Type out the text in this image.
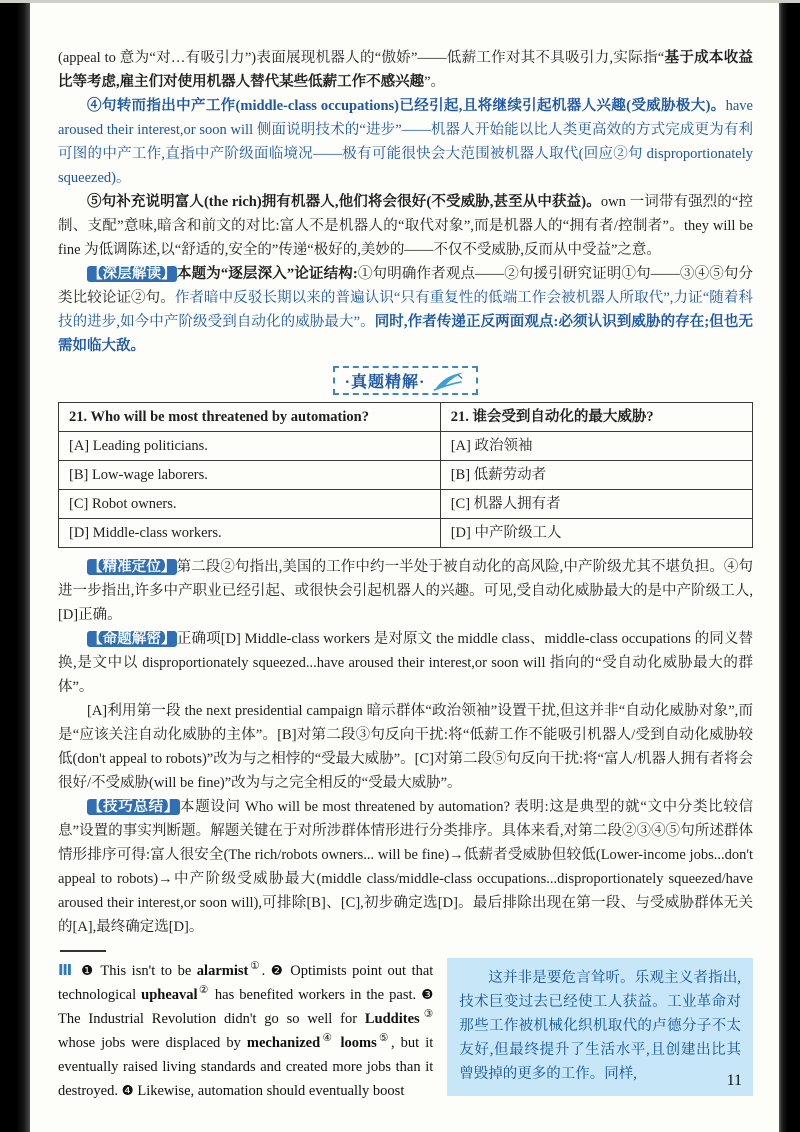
(appeal to 意为“对…有吸引力”)表面展现机器人的“傲娇”——低薪工作对其不具吸引力,实际指“基于成本收益比等考虑,雇主们对使用机器人替代某些低薪工作不感兴趣”。

④句转而指出中产工作(middle-class occupations)已经引起,且将继续引起机器人兴趣(受威胁极大)。have aroused their interest,or soon will 侧面说明技术的“进步”——机器人开始能以比人类更高效的方式完成更为有利可图的中产工作,直指中产阶级面临境况——极有可能很快会大范围被机器人取代(回应②句 disproportionately squeezed)。

⑤句补充说明富人(the rich)拥有机器人,他们将会很好(不受威胁,甚至从中获益)。own 一词带有强烈的“控制、支配”意味,暗含和前文的对比:富人不是机器人的“取代对象”,而是机器人的“拥有者/控制者”。they will be fine 为低调陈述,以“舒适的,安全的”传递“极好的,美妙的——不仅不受威胁,反而从中受益”之意。

【深层解读】本题为“逐层深入”论证结构:①句明确作者观点——②句援引研究证明①句——③④⑤句分类比较论证②句。作者暗中反驳长期以来的普遍认识“只有重复性的低端工作会被机器人所取代”,力证“随着科技的进步,如今中产阶级受到自动化的威胁最大”。同时,作者传递正反两面观点:必须认识到威胁的存在;但也无需如临大敌。

·真题精解·
21. Who will be most threatened by automation?	21. 谁会受到自动化的最大威胁?
[A] Leading politicians.	[A] 政治领袖
[B] Low-wage laborers.	[B] 低薪劳动者
[C] Robot owners.	[C] 机器人拥有者
[D] Middle-class workers.	[D] 中产阶级工人

【精准定位】第二段②句指出,美国的工作中约一半处于被自动化的高风险,中产阶级尤其不堪负担。④句进一步指出,许多中产职业已经引起、或很快会引起机器人的兴趣。可见,受自动化威胁最大的是中产阶级工人,[D]正确。

【命题解密】正确项[D] Middle-class workers 是对原文 the middle class、middle-class occupations 的同义替换,是文中以 disproportionately squeezed...have aroused their interest,or soon will 指向的“受自动化威胁最大的群体”。

[A]利用第一段 the next presidential campaign 暗示群体“政治领袖”设置干扰,但这并非“自动化威胁对象”,而是“应该关注自动化威胁的主体”。[B]对第二段③句反向干扰:将“低薪工作不能吸引机器人/受到自动化威胁较低(don't appeal to robots)”改为与之相悖的“受最大威胁”。[C]对第二段⑤句反向干扰:将“富人/机器人拥有者将会很好/不受威胁(will be fine)”改为与之完全相反的“受最大威胁”。

【技巧总结】本题设问 Who will be most threatened by automation? 表明:这是典型的就“文中分类比较信息”设置的事实判断题。解题关键在于对所涉群体情形进行分类排序。具体来看,对第二段②③④⑤句所述群体情形排序可得:富人很安全(The rich/robots owners... will be fine)→低薪者受威胁但较低(Lower-income jobs...don't appeal to robots)→中产阶级受威胁最大(middle class/middle-class occupations...disproportionately squeezed/have aroused their interest,or soon will),可排除[B]、[C],初步确定选[D]。最后排除出现在第一段、与受威胁群体无关的[A],最终确定选[D]。

Ⅲ ❶ This isn't to be alarmist①. ❷ Optimists point out that technological upheaval② has benefited workers in the past. ❸ The Industrial Revolution didn't go so well for Luddites③ whose jobs were displaced by mechanized④ looms⑤, but it eventually raised living standards and created more jobs than it destroyed. ❹ Likewise, automation should eventually boost

这并非是要危言耸听。乐观主义者指出,技术巨变过去已经使工人获益。工业革命对那些工作被机械化织机取代的卢德分子不太友好,但最终提升了生活水平,且创建出比其曾毁掉的更多的工作。同样,	11
